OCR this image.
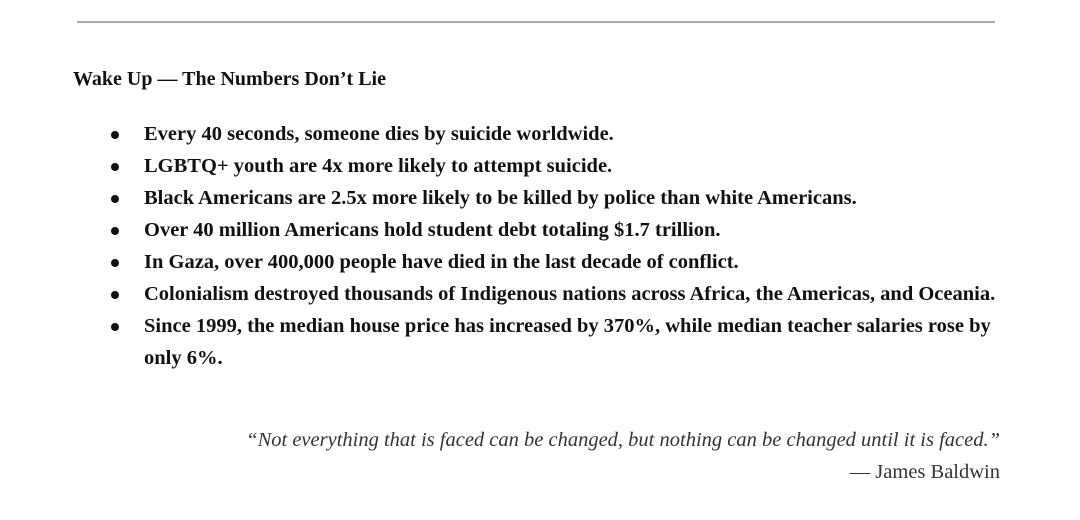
Wake Up — The Numbers Don’t Lie
Every 40 seconds, someone dies by suicide worldwide.
LGBTQ+ youth are 4x more likely to attempt suicide.
Black Americans are 2.5x more likely to be killed by police than white Americans.
Over 40 million Americans hold student debt totaling $1.7 trillion.
In Gaza, over 400,000 people have died in the last decade of conflict.
Colonialism destroyed thousands of Indigenous nations across Africa, the Americas, and Oceania.
Since 1999, the median house price has increased by 370%, while median teacher salaries rose by only 6%.

“Not everything that is faced can be changed, but nothing can be changed until it is faced.”

— James Baldwin
